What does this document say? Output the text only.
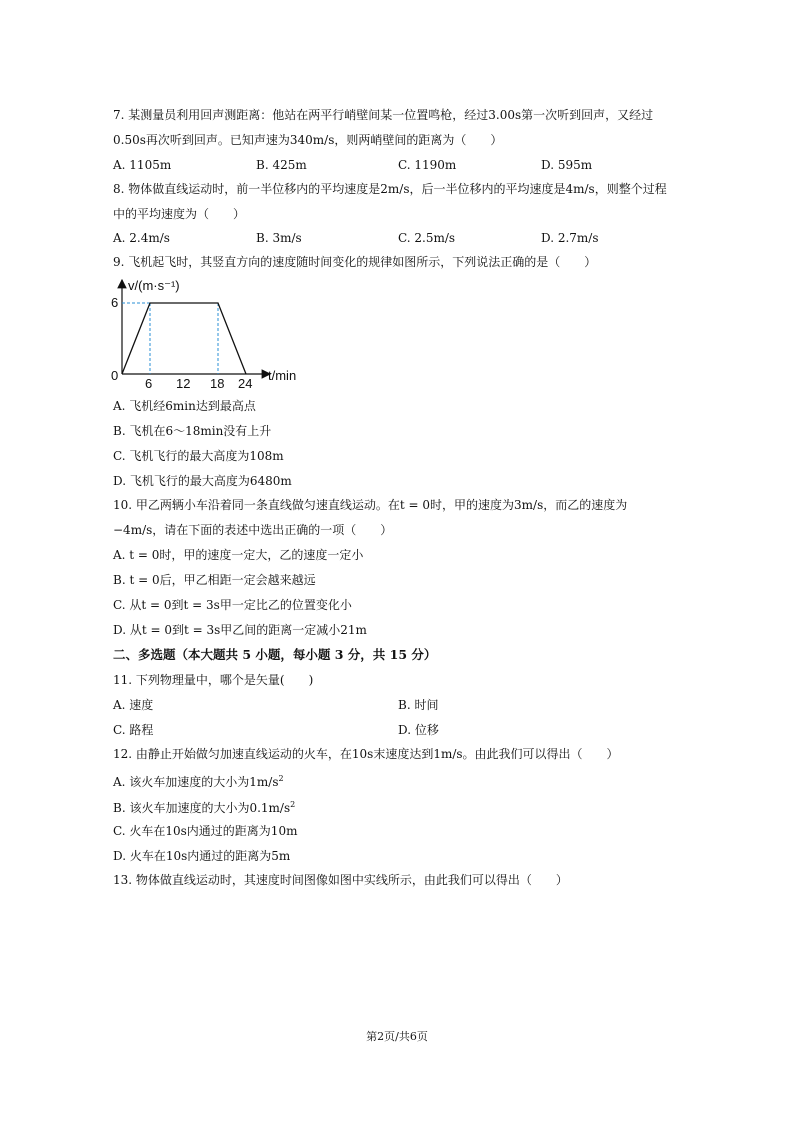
7. 某测量员利用回声测距离：他站在两平行峭壁间某一位置鸣枪，经过3.00s第一次听到回声，又经过
0.50s再次听到回声。已知声速为340m/s，则两峭壁间的距离为（　　）
A. 1105m	B. 425m	C. 1190m	D. 595m
8. 物体做直线运动时，前一半位移内的平均速度是2m/s，后一半位移内的平均速度是4m/s，则整个过程
中的平均速度为（　　）
A. 2.4m/s	B. 3m/s	C. 2.5m/s	D. 2.7m/s
9. 飞机起飞时，其竖直方向的速度随时间变化的规律如图所示，下列说法正确的是（　　）
v/(m·s⁻¹)
t/min
0
6
6 12 18 24
A. 飞机经6min达到最高点
B. 飞机在6～18min没有上升
C. 飞机飞行的最大高度为108m
D. 飞机飞行的最大高度为6480m
10. 甲乙两辆小车沿着同一条直线做匀速直线运动。在t = 0时，甲的速度为3m/s，而乙的速度为
−4m/s，请在下面的表述中选出正确的一项（　　）
A. t = 0时，甲的速度一定大，乙的速度一定小
B. t = 0后，甲乙相距一定会越来越远
C. 从t = 0到t = 3s甲一定比乙的位置变化小
D. 从t = 0到t = 3s甲乙间的距离一定减小21m
二、多选题（本大题共 5 小题，每小题 3 分，共 15 分）
11. 下列物理量中，哪个是矢量(　　)
A. 速度	B. 时间
C. 路程	D. 位移
12. 由静止开始做匀加速直线运动的火车，在10s末速度达到1m/s。由此我们可以得出（　　）
A. 该火车加速度的大小为$1m/s^2$
B. 该火车加速度的大小为$0.1m/s^2$
C. 火车在10s内通过的距离为10m
D. 火车在10s内通过的距离为5m
13. 物体做直线运动时，其速度时间图像如图中实线所示，由此我们可以得出（　　）
第2页/共6页
